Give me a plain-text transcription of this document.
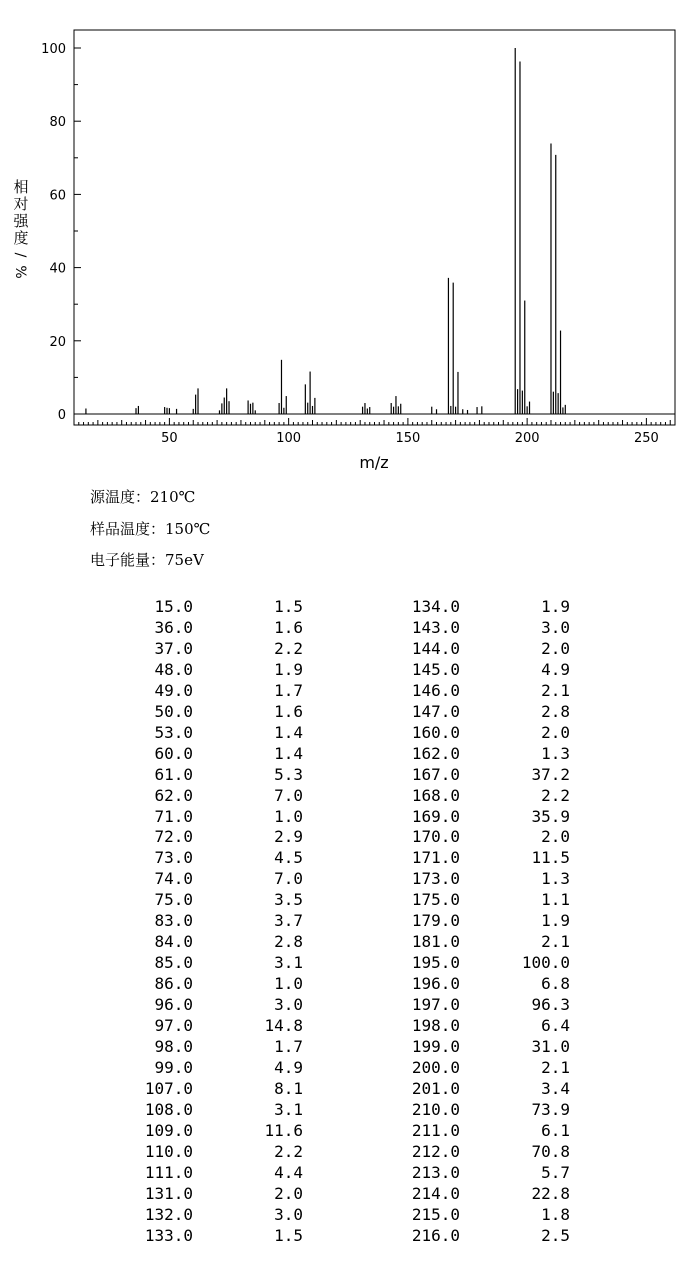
50	100	150	200	250
0
20
40
60
80
100
m/z
相
对
强
度
/
%
源温度：210℃
样品温度：150℃
电子能量：75eV
15.0	1.5	134.0	1.9
36.0	1.6	143.0	3.0
37.0	2.2	144.0	2.0
48.0	1.9	145.0	4.9
49.0	1.7	146.0	2.1
50.0	1.6	147.0	2.8
53.0	1.4	160.0	2.0
60.0	1.4	162.0	1.3
61.0	5.3	167.0	37.2
62.0	7.0	168.0	2.2
71.0	1.0	169.0	35.9
72.0	2.9	170.0	2.0
73.0	4.5	171.0	11.5
74.0	7.0	173.0	1.3
75.0	3.5	175.0	1.1
83.0	3.7	179.0	1.9
84.0	2.8	181.0	2.1
85.0	3.1	195.0	100.0
86.0	1.0	196.0	6.8
96.0	3.0	197.0	96.3
97.0	14.8	198.0	6.4
98.0	1.7	199.0	31.0
99.0	4.9	200.0	2.1
107.0	8.1	201.0	3.4
108.0	3.1	210.0	73.9
109.0	11.6	211.0	6.1
110.0	2.2	212.0	70.8
111.0	4.4	213.0	5.7
131.0	2.0	214.0	22.8
132.0	3.0	215.0	1.8
133.0	1.5	216.0	2.5
